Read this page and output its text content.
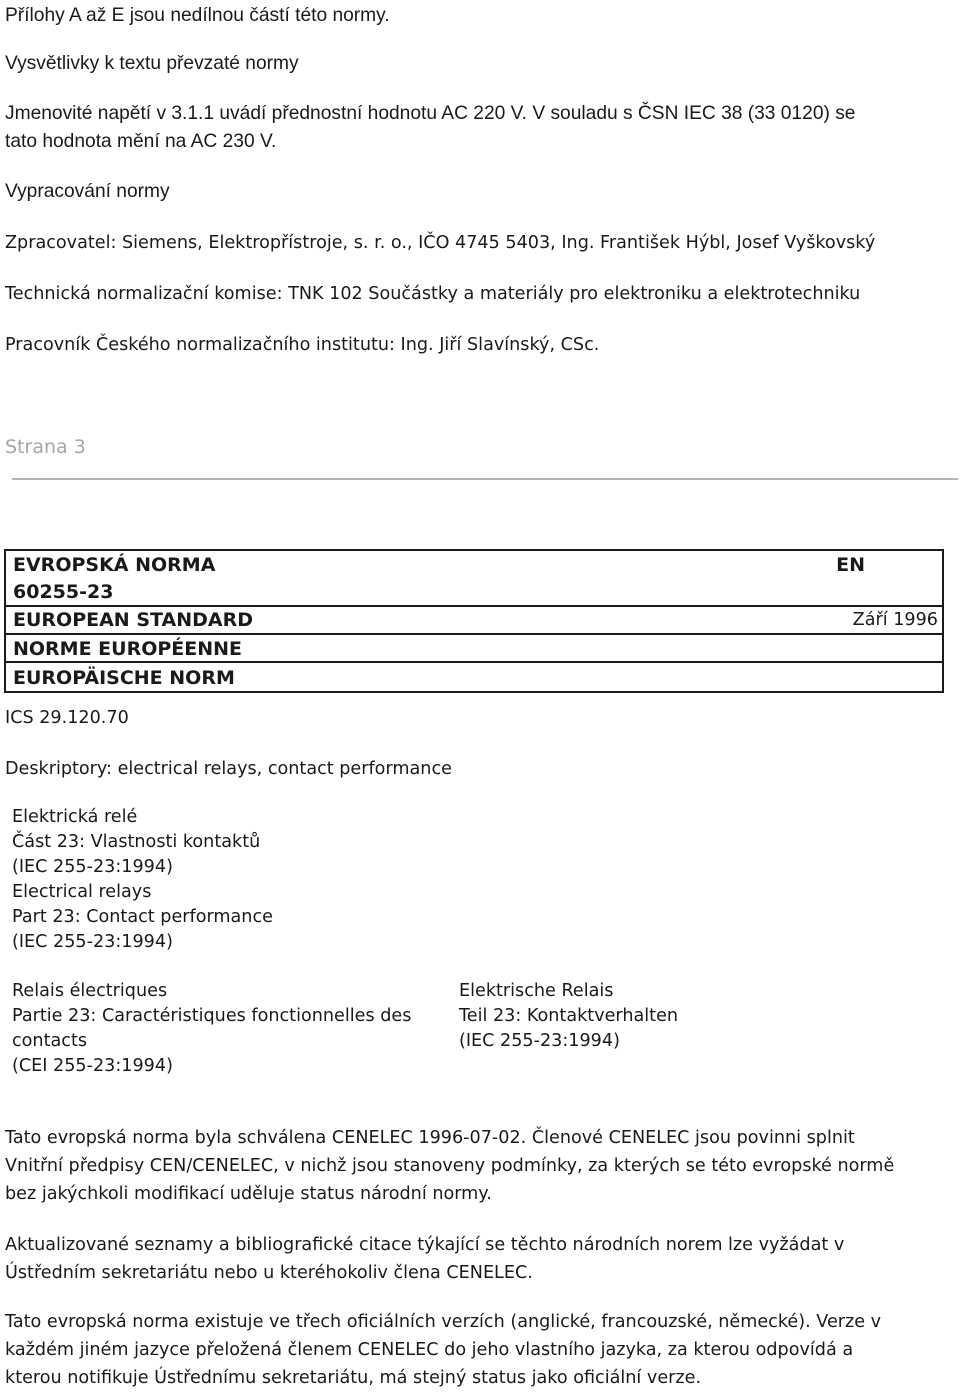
Přílohy A až E jsou nedílnou částí této normy.

Vysvětlivky k textu převzaté normy

Jmenovité napětí v 3.1.1 uvádí přednostní hodnotu AC 220 V. V souladu s ČSN IEC 38 (33 0120) se

tato hodnota mění na AC 230 V.

Vypracování normy

Zpracovatel: Siemens, Elektropřístroje, s. r. o., IČO 4745 5403, Ing. František Hýbl, Josef Vyškovský

Technická normalizační komise: TNK 102 Součástky a materiály pro elektroniku a elektrotechniku

Pracovník Českého normalizačního institutu: Ing. Jiří Slavínský, CSc.

Strana 3

EVROPSKÁ NORMA	EN

60255-23

EUROPEAN STANDARD	Září 1996

NORME EUROPÉENNE

EUROPÄISCHE NORM

ICS 29.120.70

Deskriptory: electrical relays, contact performance

Elektrická relé
Část 23: Vlastnosti kontaktů
(IEC 255-23:1994)
Electrical relays
Part 23: Contact performance
(IEC 255-23:1994)
Relais électriques
Partie 23: Caractéristiques fonctionnelles des
contacts
(CEI 255-23:1994)
Elektrische Relais
Teil 23: Kontaktverhalten
(IEC 255-23:1994)
Tato evropská norma byla schválena CENELEC 1996-07-02. Členové CENELEC jsou povinni splnit
Vnitřní předpisy CEN/CENELEC, v nichž jsou stanoveny podmínky, za kterých se této evropské normě
bez jakýchkoli modifikací uděluje status národní normy.
Aktualizované seznamy a bibliografické citace týkající se těchto národních norem lze vyžádat v
Ústředním sekretariátu nebo u kteréhokoliv člena CENELEC.
Tato evropská norma existuje ve třech oficiálních verzích (anglické, francouzské, německé). Verze v
každém jiném jazyce přeložená členem CENELEC do jeho vlastního jazyka, za kterou odpovídá a
kterou notifikuje Ústřednímu sekretariátu, má stejný status jako oficiální verze.
